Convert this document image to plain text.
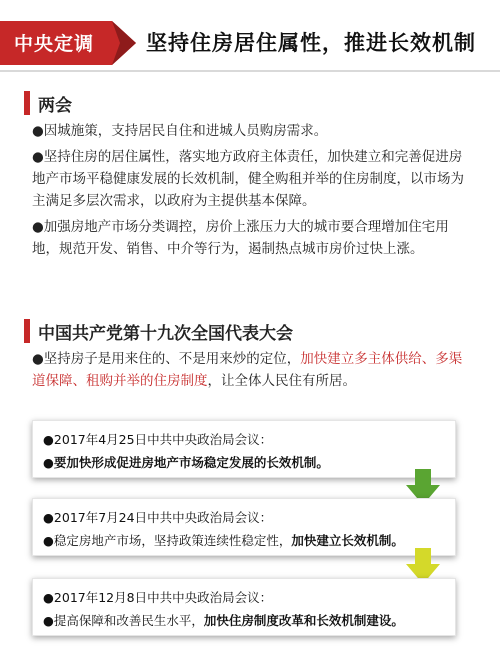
中央定调 坚持住房居住属性，推进长效机制
两会
●因城施策，支持居民自住和进城人员购房需求。
●坚持住房的居住属性，落实地方政府主体责任，加快建立和完善促进房地产市场平稳健康发展的长效机制，健全购租并举的住房制度，以市场为主满足多层次需求，以政府为主提供基本保障。
●加强房地产市场分类调控，房价上涨压力大的城市要合理增加住宅用地，规范开发、销售、中介等行为，遏制热点城市房价过快上涨。
中国共产党第十九次全国代表大会
●坚持房子是用来住的、不是用来炒的定位，加快建立多主体供给、多渠道保障、租购并举的住房制度，让全体人民住有所居。
●2017年4月25日中共中央政治局会议：
●要加快形成促进房地产市场稳定发展的长效机制。
●2017年7月24日中共中央政治局会议：
●稳定房地产市场，坚持政策连续性稳定性，加快建立长效机制。
●2017年12月8日中共中央政治局会议：
●提高保障和改善民生水平，加快住房制度改革和长效机制建设。
